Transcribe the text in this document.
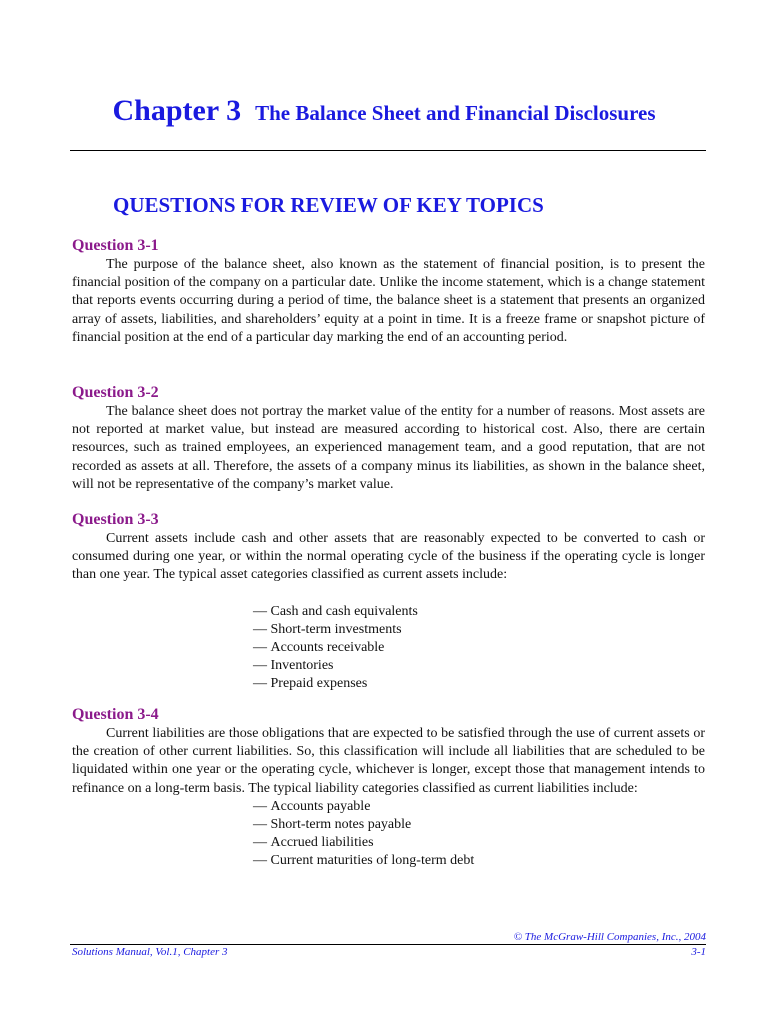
Chapter 3 The Balance Sheet and Financial Disclosures
QUESTIONS FOR REVIEW OF KEY TOPICS
Question 3-1

The purpose of the balance sheet, also known as the statement of financial position, is to present the financial position of the company on a particular date. Unlike the income statement, which is a change statement that reports events occurring during a period of time, the balance sheet is a statement that presents an organized array of assets, liabilities, and shareholders’ equity at a point in time. It is a freeze frame or snapshot picture of financial position at the end of a particular day marking the end of an accounting period.

Question 3-2

The balance sheet does not portray the market value of the entity for a number of reasons. Most assets are not reported at market value, but instead are measured according to historical cost. Also, there are certain resources, such as trained employees, an experienced management team, and a good reputation, that are not recorded as assets at all. Therefore, the assets of a company minus its liabilities, as shown in the balance sheet, will not be representative of the company’s market value.

Question 3-3

Current assets include cash and other assets that are reasonably expected to be converted to cash or consumed during one year, or within the normal operating cycle of the business if the operating cycle is longer than one year. The typical asset categories classified as current assets include:

— Cash and cash equivalents
— Short-term investments
— Accounts receivable
— Inventories
— Prepaid expenses
Question 3-4

Current liabilities are those obligations that are expected to be satisfied through the use of current assets or the creation of other current liabilities. So, this classification will include all liabilities that are scheduled to be liquidated within one year or the operating cycle, whichever is longer, except those that management intends to refinance on a long-term basis. The typical liability categories classified as current liabilities include:

— Accounts payable
— Short-term notes payable
— Accrued liabilities
— Current maturities of long-term debt
© The McGraw-Hill Companies, Inc., 2004
Solutions Manual, Vol.1, Chapter 3	3-1
